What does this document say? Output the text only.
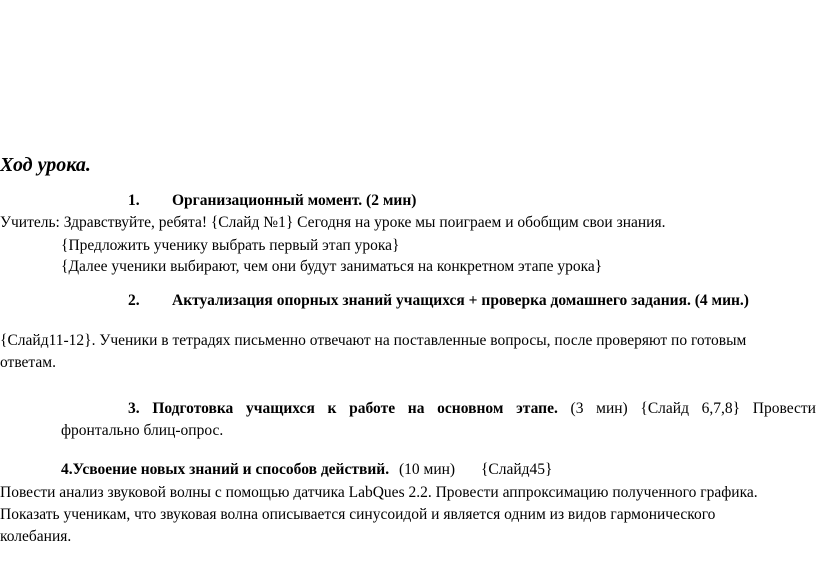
Ход урока.
1. Организационный момент. (2 мин)
Учитель: Здравствуйте, ребята! {Слайд №1} Сегодня на уроке мы поиграем и обобщим свои знания.
{Предложить ученику выбрать первый этап урока}
{Далее ученики выбирают, чем они будут заниматься на конкретном этапе урока}
2. Актуализация опорных знаний учащихся + проверка домашнего задания. (4 мин.)
{Слайд11-12}. Ученики в тетрадях письменно отвечают на поставленные вопросы, после проверяют по готовым
ответам.
3. Подготовка учащихся к работе на основном этапе. (3 мин) {Слайд 6,7,8} Провести
фронтально блиц-опрос.
4.Усвоение новых знаний и способов действий. (10 мин) {Слайд45}
Повести анализ звуковой волны с помощью датчика LabQues 2.2. Провести аппроксимацию полученного графика.
Показать ученикам, что звуковая волна описывается синусоидой и является одним из видов гармонического
колебания.
